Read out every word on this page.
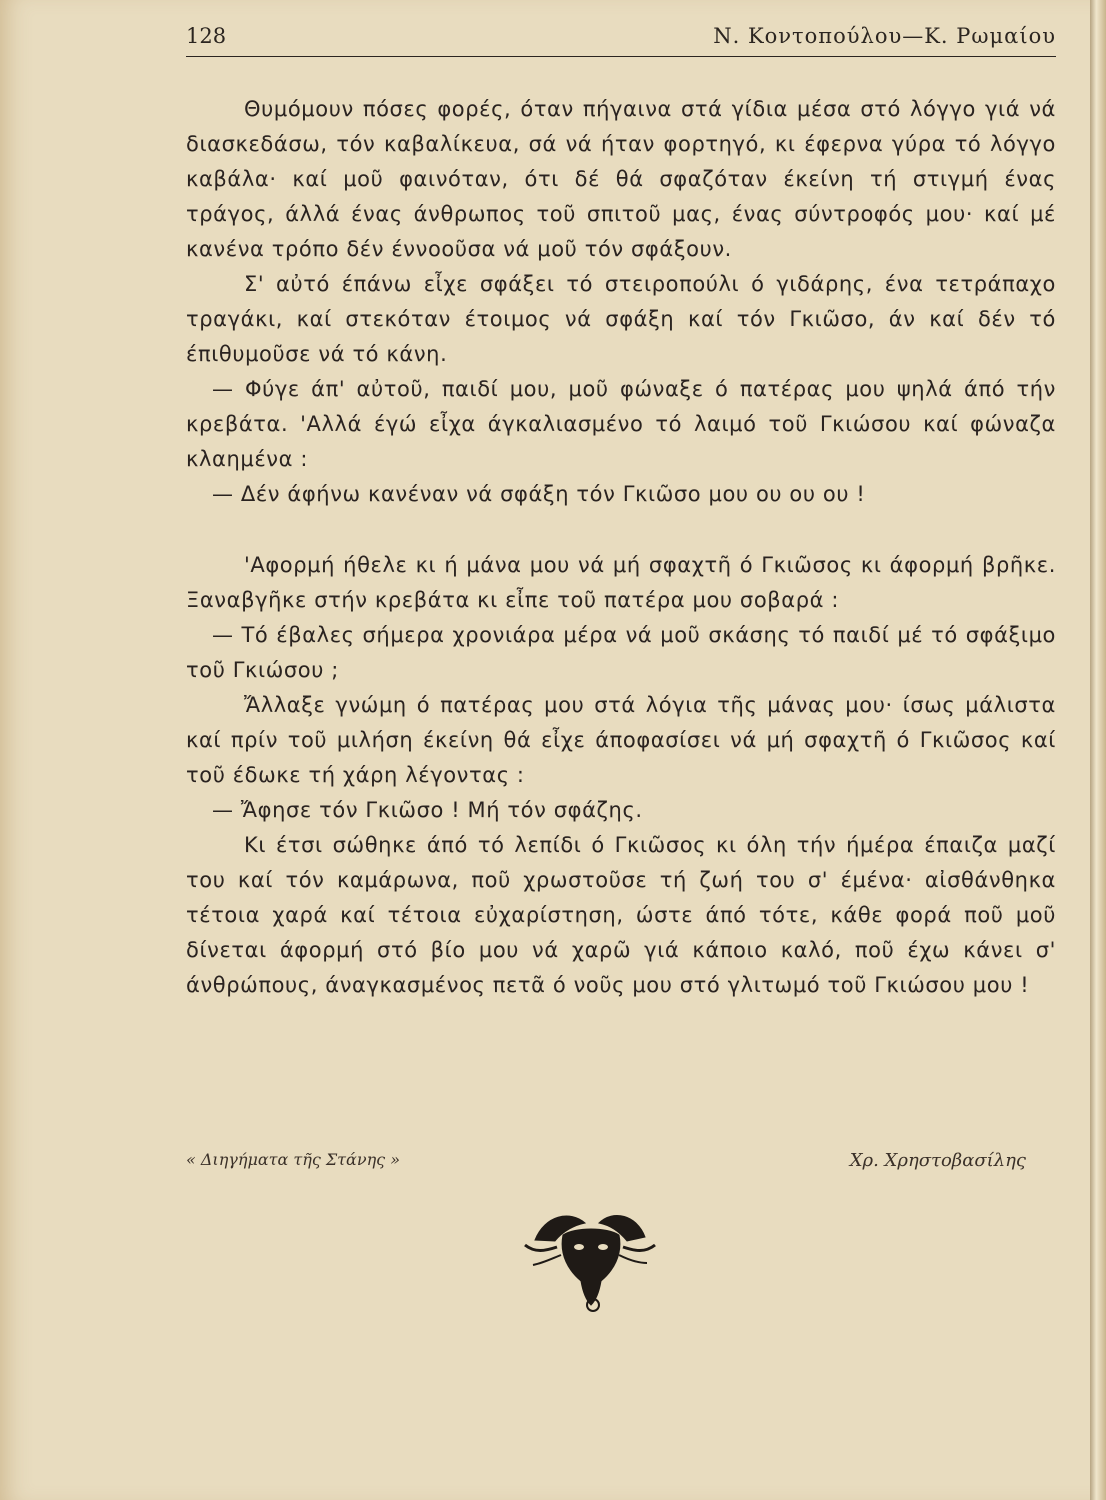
128	Ν. Κοντοπούλου—Κ. Ρωμαίου

Θυμόμουν πόσες φορές, όταν πήγαινα στά γίδια μέσα στό λόγγο γιά νά διασκεδάσω, τόν καβαλίκευα, σά νά ήταν φορτηγό, κι έφερνα γύρα τό λόγγο καβάλα· καί μοῦ φαινόταν, ότι δέ θά σφαζόταν έκείνη τή στιγμή ένας τράγος, άλλά ένας άνθρωπος τοῦ σπιτοῦ μας, ένας σύντροφός μου· καί μέ κανένα τρόπο δέν έννοοῦσα νά μοῦ τόν σφάξουν.

Σ' αὐτό έπάνω εἶχε σφάξει τό στειροπούλι ό γιδάρης, ένα τετράπαχο τραγάκι, καί στεκόταν έτοιμος νά σφάξη καί τόν Γκιῶσο, άν καί δέν τό έπιθυμοῦσε νά τό κάνη.

— Φύγε άπ' αὐτοῦ, παιδί μου, μοῦ φώναξε ό πατέρας μου ψηλά άπό τήν κρεβάτα. 'Αλλά έγώ εἶχα άγκαλιασμένο τό λαιμό τοῦ Γκιώσου καί φώναζα κλαημένα :

— Δέν άφήνω κανέναν νά σφάξη τόν Γκιῶσο μου ου ου ου !

'Αφορμή ήθελε κι ή μάνα μου νά μή σφαχτῆ ό Γκιῶσος κι άφορμή βρῆκε. Ξαναβγῆκε στήν κρεβάτα κι εἶπε τοῦ πατέρα μου σοβαρά :

— Τό έβαλες σήμερα χρονιάρα μέρα νά μοῦ σκάσης τό παιδί μέ τό σφάξιμο τοῦ Γκιώσου ;

Ἄλλαξε γνώμη ό πατέρας μου στά λόγια τῆς μάνας μου· ίσως μάλιστα καί πρίν τοῦ μιλήση έκείνη θά εἶχε άποφασίσει νά μή σφαχτῆ ό Γκιῶσος καί τοῦ έδωκε τή χάρη λέγοντας :

— Ἄφησε τόν Γκιῶσο ! Μή τόν σφάζης.

Κι έτσι σώθηκε άπό τό λεπίδι ό Γκιῶσος κι όλη τήν ήμέρα έπαιζα μαζί του καί τόν καμάρωνα, ποῦ χρωστοῦσε τή ζωή του σ' έμένα· αἰσθάνθηκα τέτοια χαρά καί τέτοια εὐχαρίστηση, ώστε άπό τότε, κάθε φορά ποῦ μοῦ δίνεται άφορμή στό βίο μου νά χαρῶ γιά κάποιο καλό, ποῦ έχω κάνει σ' άνθρώπους, άναγκασμένος πετᾶ ό νοῦς μου στό γλιτωμό τοῦ Γκιώσου μου !

« Διηγήματα τῆς Στάνης »	Χρ. Χρηστοβασίλης
